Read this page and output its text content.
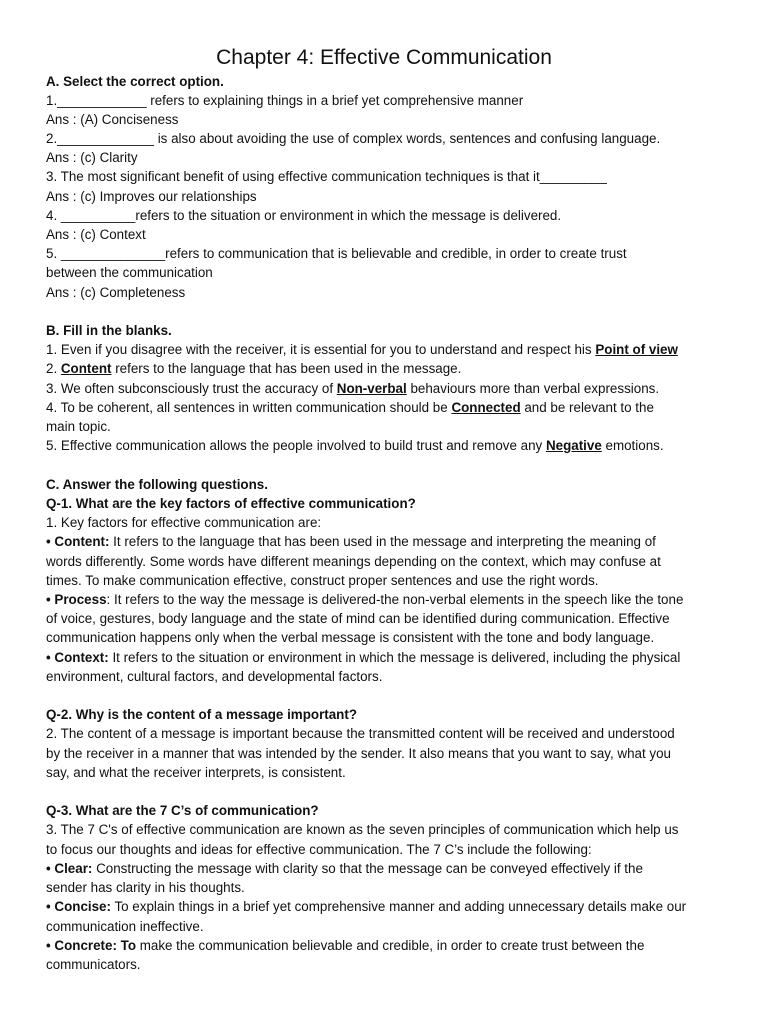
Chapter 4: Effective Communication
A. Select the correct option.
1.____________ refers to explaining things in a brief yet comprehensive manner
Ans : (A) Conciseness
2._____________ is also about avoiding the use of complex words, sentences and confusing language.
Ans : (c) Clarity
3. The most significant benefit of using effective communication techniques is that it_________
Ans : (c) Improves our relationships
4. __________refers to the situation or environment in which the message is delivered.
Ans : (c) Context
5. ______________refers to communication that is believable and credible, in order to create trust
between the communication
Ans : (c) Completeness
B. Fill in the blanks.
1. Even if you disagree with the receiver, it is essential for you to understand and respect his Point of view
2. Content refers to the language that has been used in the message.
3. We often subconsciously trust the accuracy of Non-verbal behaviours more than verbal expressions.
4. To be coherent, all sentences in written communication should be Connected and be relevant to the
main topic.
5. Effective communication allows the people involved to build trust and remove any Negative emotions.
C. Answer the following questions.
Q-1. What are the key factors of effective communication?
1. Key factors for effective communication are:
• Content: It refers to the language that has been used in the message and interpreting the meaning of
words differently. Some words have different meanings depending on the context, which may confuse at
times. To make communication effective, construct proper sentences and use the right words.
• Process: It refers to the way the message is delivered-the non-verbal elements in the speech like the tone
of voice, gestures, body language and the state of mind can be identified during communication. Effective
communication happens only when the verbal message is consistent with the tone and body language.
• Context: It refers to the situation or environment in which the message is delivered, including the physical
environment, cultural factors, and developmental factors.
Q-2. Why is the content of a message important?
2. The content of a message is important because the transmitted content will be received and understood
by the receiver in a manner that was intended by the sender. It also means that you want to say, what you
say, and what the receiver interprets, is consistent.
Q-3. What are the 7 C’s of communication?
3. The 7 C's of effective communication are known as the seven principles of communication which help us
to focus our thoughts and ideas for effective communication. The 7 C’s include the following:
• Clear: Constructing the message with clarity so that the message can be conveyed effectively if the
sender has clarity in his thoughts.
• Concise: To explain things in a brief yet comprehensive manner and adding unnecessary details make our
communication ineffective.
• Concrete: To make the communication believable and credible, in order to create trust between the
communicators.
